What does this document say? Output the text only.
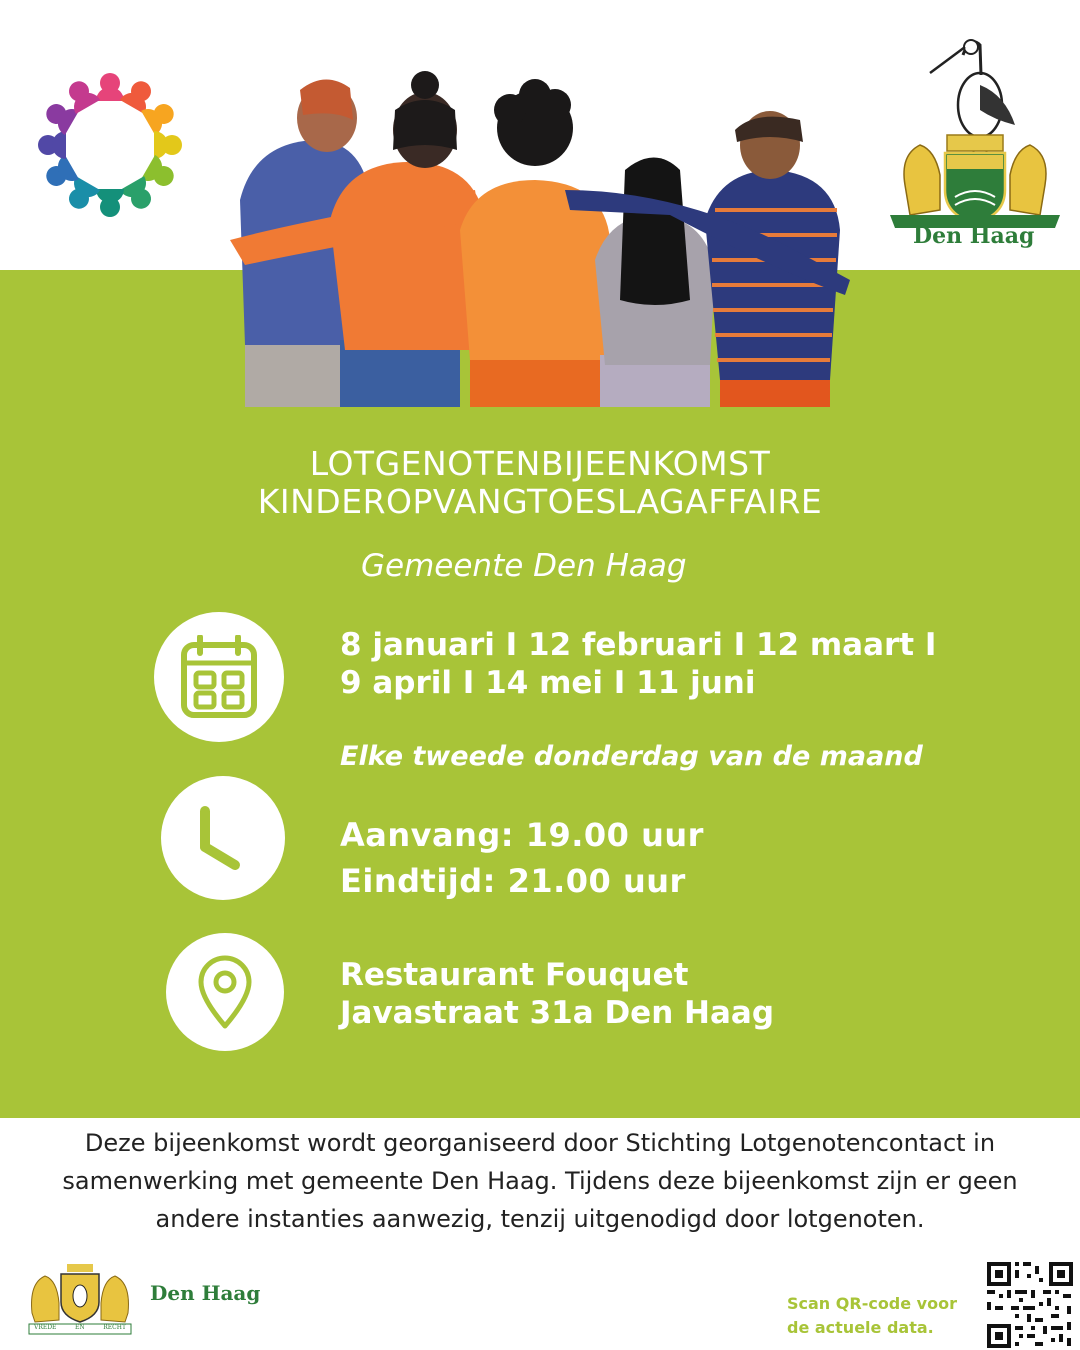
Den Haag
LOTGENOTENBIJEENKOMST
KINDEROPVANGTOESLAGAFFAIRE
Gemeente Den Haag
8 januari I 12 februari I 12 maart I
9 april I 14 mei I 11 juni
Elke tweede donderdag van de maand
Aanvang: 19.00 uur
Eindtijd: 21.00 uur
Restaurant Fouquet
Javastraat 31a Den Haag
Deze bijeenkomst wordt georganiseerd door Stichting Lotgenotencontact in samenwerking met gemeente Den Haag. Tijdens deze bijeenkomst zijn er geen andere instanties aanwezig, tenzij uitgenodigd door lotgenoten.
VREDE	EN	RECHT
Den Haag	Scan QR-code voor
de actuele data.
